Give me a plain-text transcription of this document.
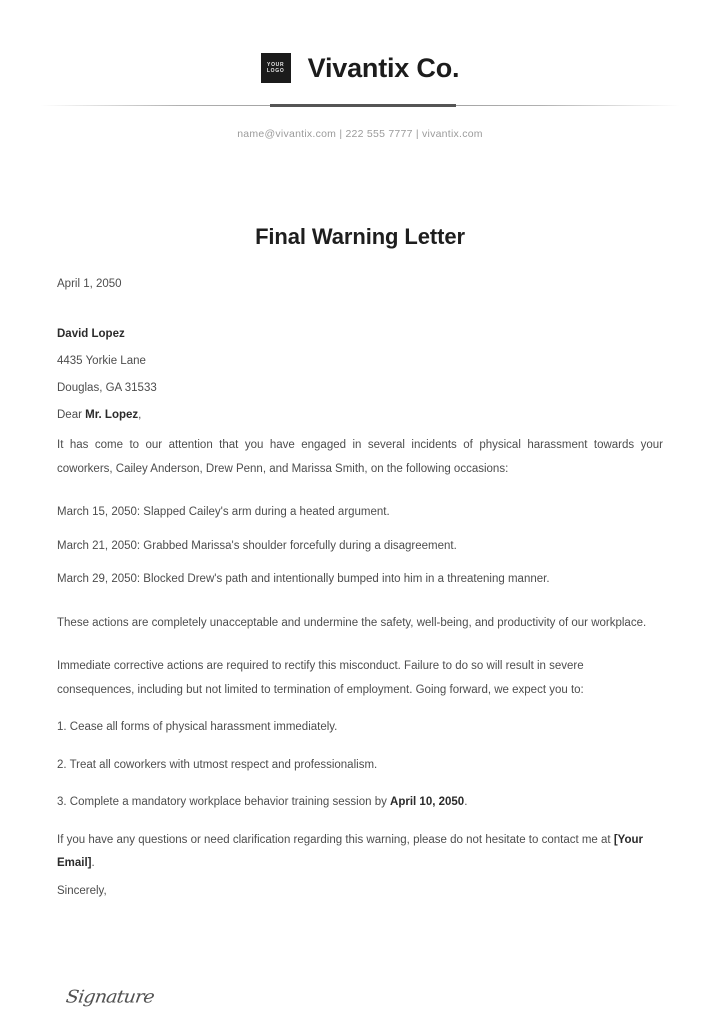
YOUR
LOGO Vivantix Co.
name@vivantix.com | 222 555 7777 | vivantix.com
Final Warning Letter
April 1, 2050
David Lopez
4435 Yorkie Lane
Douglas, GA 31533
Dear Mr. Lopez,

It has come to our attention that you have engaged in several incidents of physical harassment towards your coworkers, Cailey Anderson, Drew Penn, and Marissa Smith, on the following occasions:

March 15, 2050: Slapped Cailey's arm during a heated argument.
March 21, 2050: Grabbed Marissa's shoulder forcefully during a disagreement.
March 29, 2050: Blocked Drew's path and intentionally bumped into him in a threatening manner.

These actions are completely unacceptable and undermine the safety, well-being, and productivity of our workplace.

Immediate corrective actions are required to rectify this misconduct. Failure to do so will result in severe consequences, including but not limited to termination of employment. Going forward, we expect you to:

1. Cease all forms of physical harassment immediately.
2. Treat all coworkers with utmost respect and professionalism.
3. Complete a mandatory workplace behavior training session by April 10, 2050.

If you have any questions or need clarification regarding this warning, please do not hesitate to contact me at [Your Email].

Sincerely,
Signature
